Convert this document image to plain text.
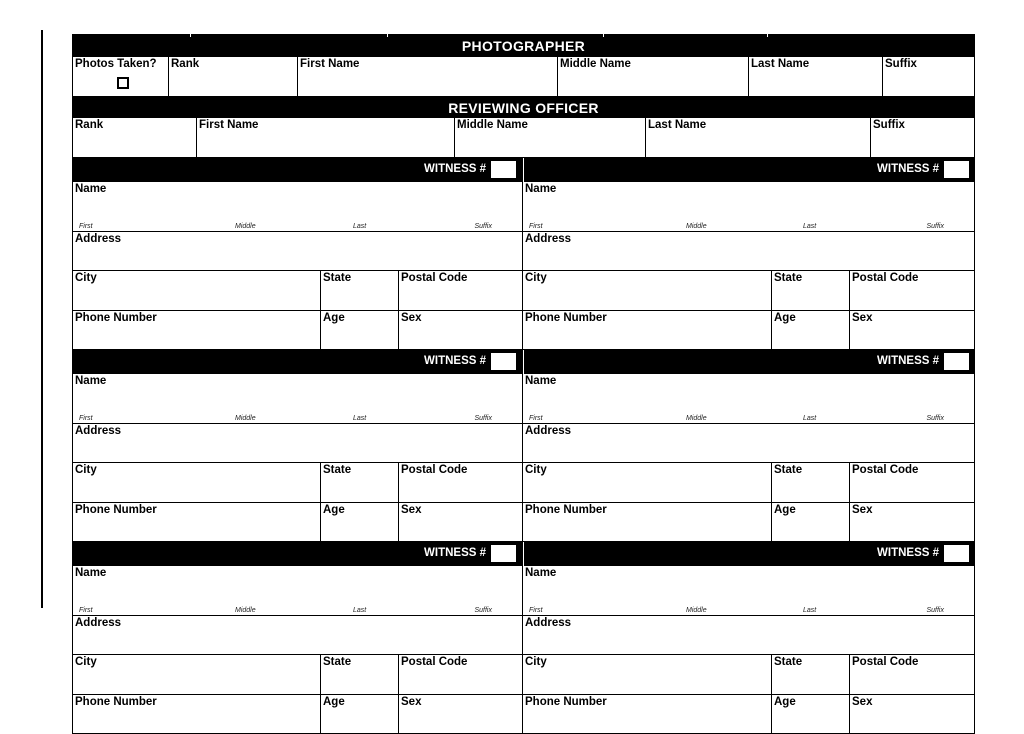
PHOTOGRAPHER
Photos Taken? Rank	First Name	Middle Name	Last Name	Suffix
REVIEWING OFFICER
Rank	First Name	Middle Name	Last Name	Suffix
WITNESS #
Name
First	Middle	Last	Suffix
Address
City	State	Postal Code
Phone Number	Age	Sex
WITNESS #
Name
First	Middle	Last	Suffix
Address
City	State	Postal Code
Phone Number	Age	Sex
WITNESS #
Name
First	Middle	Last	Suffix
Address
City	State	Postal Code
Phone Number	Age	Sex
WITNESS #
Name
First	Middle	Last	Suffix
Address
City	State	Postal Code
Phone Number	Age	Sex
WITNESS #
Name
First	Middle	Last	Suffix
Address
City	State	Postal Code
Phone Number	Age	Sex
WITNESS #
Name
First	Middle	Last	Suffix
Address
City	State	Postal Code
Phone Number	Age	Sex
